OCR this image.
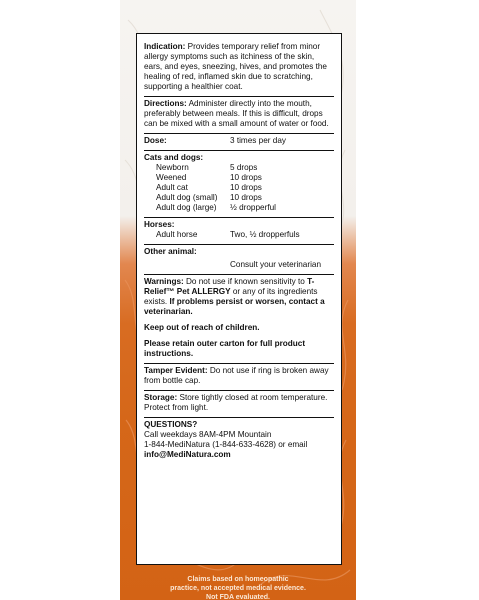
Indication: Provides temporary relief from minor allergy symptoms such as itchiness of the skin, ears, and eyes, sneezing, hives, and promotes the healing of red, inflamed skin due to scratching, supporting a healthier coat.

Directions: Administer directly into the mouth, preferably between meals. If this is difficult, drops can be mixed with a small amount of water or food.

Dose:	3 times per day
Cats and dogs:
Newborn	5 drops
Weened	10 drops
Adult cat	10 drops
Adult dog (small)	10 drops
Adult dog (large)	½ dropperful
Horses:
Adult horse	Two, ½ dropperfuls
Other animal:
Consult your veterinarian

Warnings: Do not use if known sensitivity to T-Relief™ Pet ALLERGY or any of its ingredients exists. If problems persist or worsen, contact a veterinarian.

Keep out of reach of children.

Please retain outer carton for full product instructions.

Tamper Evident: Do not use if ring is broken away from bottle cap.

Storage: Store tightly closed at room temperature. Protect from light.

QUESTIONS?

Call weekdays 8AM-4PM Mountain

1-844-MediNatura (1-844-633-4628) or email

info@MediNatura.com

Claims based on homeopathic
practice, not accepted medical evidence.
Not FDA evaluated.
